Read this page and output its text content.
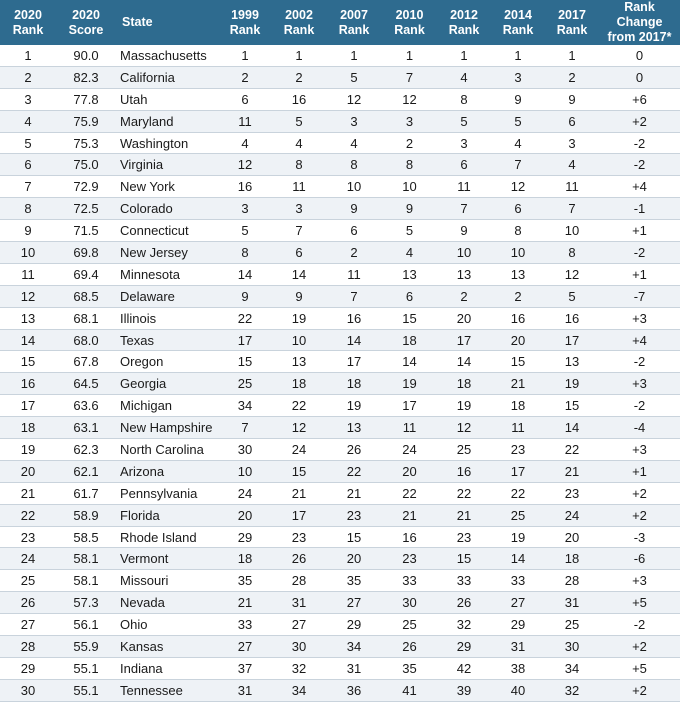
2020 Rank	2020 Score	State	1999 Rank	2002 Rank	2007 Rank	2010 Rank	2012 Rank	2014 Rank	2017 Rank	Rank Change from 2017*
1	90.0	Massachusetts	1	1	1	1	1	1	1	0
2	82.3	California	2	2	5	7	4	3	2	0
3	77.8	Utah	6	16	12	12	8	9	9	+6
4	75.9	Maryland	11	5	3	3	5	5	6	+2
5	75.3	Washington	4	4	4	2	3	4	3	-2
6	75.0	Virginia	12	8	8	8	6	7	4	-2
7	72.9	New York	16	11	10	10	11	12	11	+4
8	72.5	Colorado	3	3	9	9	7	6	7	-1
9	71.5	Connecticut	5	7	6	5	9	8	10	+1
10	69.8	New Jersey	8	6	2	4	10	10	8	-2
11	69.4	Minnesota	14	14	11	13	13	13	12	+1
12	68.5	Delaware	9	9	7	6	2	2	5	-7
13	68.1	Illinois	22	19	16	15	20	16	16	+3
14	68.0	Texas	17	10	14	18	17	20	17	+4
15	67.8	Oregon	15	13	17	14	14	15	13	-2
16	64.5	Georgia	25	18	18	19	18	21	19	+3
17	63.6	Michigan	34	22	19	17	19	18	15	-2
18	63.1	New Hampshire	7	12	13	11	12	11	14	-4
19	62.3	North Carolina	30	24	26	24	25	23	22	+3
20	62.1	Arizona	10	15	22	20	16	17	21	+1
21	61.7	Pennsylvania	24	21	21	22	22	22	23	+2
22	58.9	Florida	20	17	23	21	21	25	24	+2
23	58.5	Rhode Island	29	23	15	16	23	19	20	-3
24	58.1	Vermont	18	26	20	23	15	14	18	-6
25	58.1	Missouri	35	28	35	33	33	33	28	+3
26	57.3	Nevada	21	31	27	30	26	27	31	+5
27	56.1	Ohio	33	27	29	25	32	29	25	-2
28	55.9	Kansas	27	30	34	26	29	31	30	+2
29	55.1	Indiana	37	32	31	35	42	38	34	+5
30	55.1	Tennessee	31	34	36	41	39	40	32	+2
